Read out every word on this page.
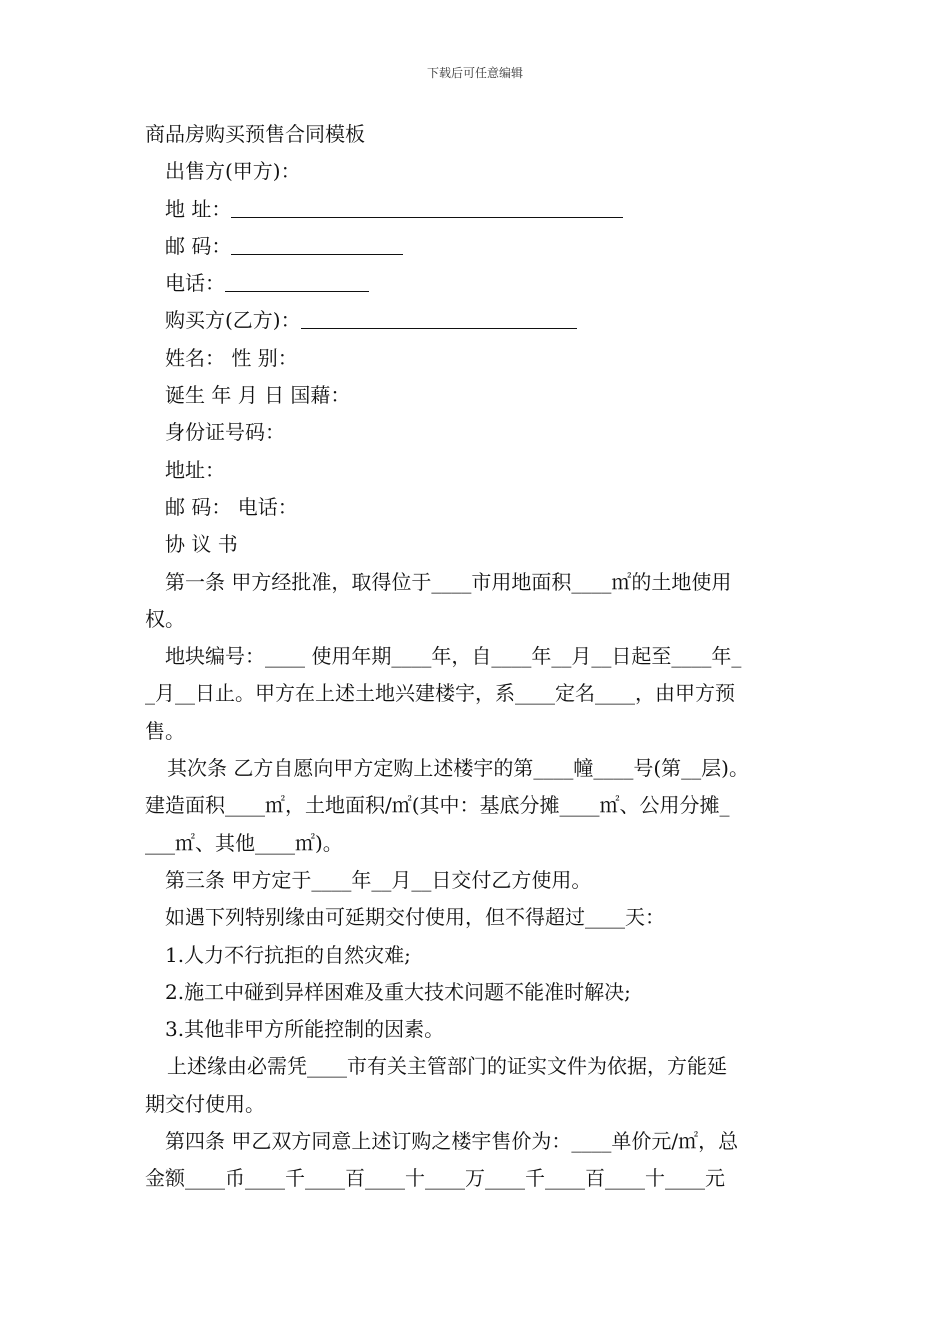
下载后可任意编辑
商品房购买预售合同模板
出售方(甲方)：
地 址：
邮 码：
电话：
购买方(乙方)：
姓名： 性 别：
诞生 年 月 日 国藉：
身份证号码：
地址：
邮 码： 电话：
协 议 书
第一条 甲方经批准，取得位于____市用地面积____㎡的土地使用
权。
地块编号：____ 使用年期____年，自____年__月__日起至____年_
_月__日止。甲方在上述土地兴建楼宇，系____定名____，由甲方预
售。
其次条 乙方自愿向甲方定购上述楼宇的第____幢____号(第__层)。
建造面积____㎡，土地面积/㎡(其中：基底分摊____㎡、公用分摊_
___㎡、其他____㎡)。
第三条 甲方定于____年__月__日交付乙方使用。
如遇下列特别缘由可延期交付使用，但不得超过____天：
1.人力不行抗拒的自然灾难;
2.施工中碰到异样困难及重大技术问题不能准时解决;
3.其他非甲方所能控制的因素。
上述缘由必需凭____市有关主管部门的证实文件为依据，方能延
期交付使用。
第四条 甲乙双方同意上述订购之楼宇售价为：____单价元/㎡，总
金额____币____千____百____十____万____千____百____十____元
